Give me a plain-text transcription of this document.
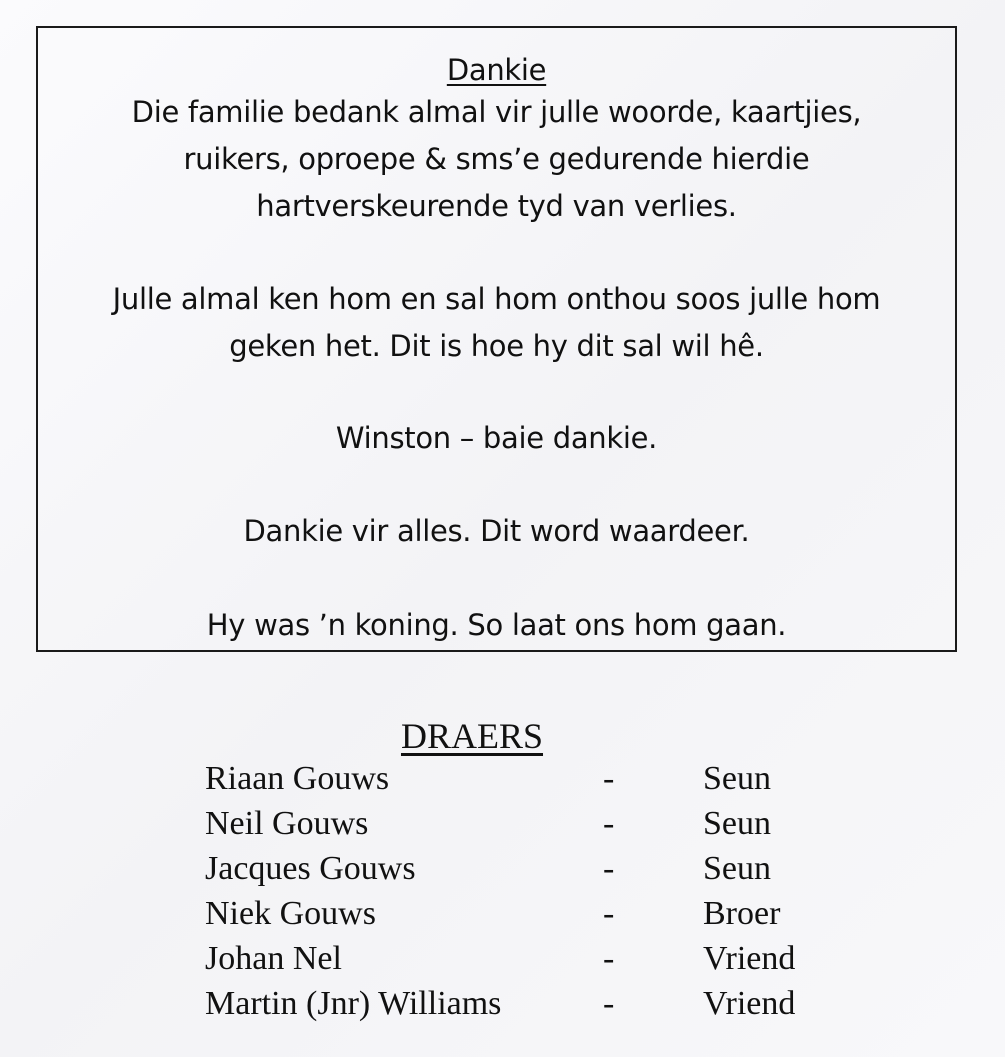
Dankie
Die familie bedank almal vir julle woorde, kaartjies,
ruikers, oproepe & sms’e gedurende hierdie
hartverskeurende tyd van verlies.
Julle almal ken hom en sal hom onthou soos julle hom
geken het. Dit is hoe hy dit sal wil hê.
Winston – baie dankie.
Dankie vir alles. Dit word waardeer.
Hy was ’n koning. So laat ons hom gaan.
DRAERS
Riaan Gouws	-	Seun
Neil Gouws	-	Seun
Jacques Gouws	-	Seun
Niek Gouws	-	Broer
Johan Nel	-	Vriend
Martin (Jnr) Williams	-	Vriend
